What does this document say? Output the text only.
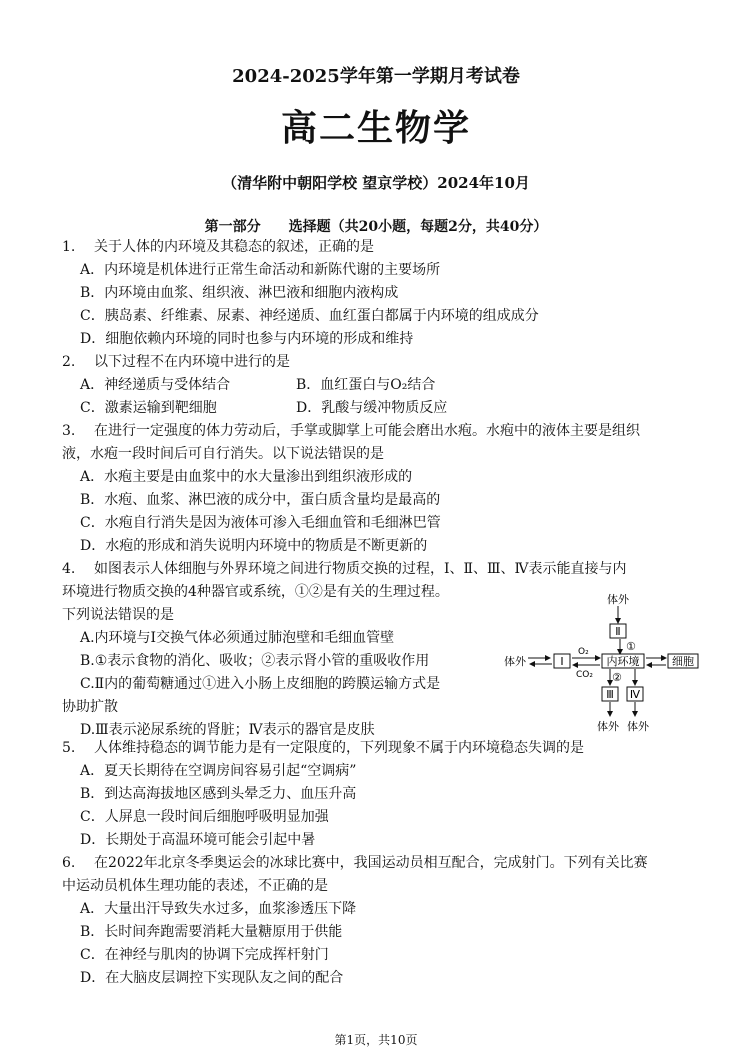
2024-2025学年第一学期月考试卷
高二生物学
（清华附中朝阳学校 望京学校）2024年10月
第一部分　　选择题（共20小题，每题2分，共40分）
1. 关于人体的内环境及其稳态的叙述，正确的是
A．内环境是机体进行正常生命活动和新陈代谢的主要场所
B．内环境由血浆、组织液、淋巴液和细胞内液构成
C．胰岛素、纤维素、尿素、神经递质、血红蛋白都属于内环境的组成成分
D．细胞依赖内环境的同时也参与内环境的形成和维持
2. 以下过程不在内环境中进行的是
A．神经递质与受体结合	B．血红蛋白与O₂结合
C．激素运输到靶细胞	D．乳酸与缓冲物质反应
3. 在进行一定强度的体力劳动后，手掌或脚掌上可能会磨出水疱。水疱中的液体主要是组织
液，水疱一段时间后可自行消失。以下说法错误的是
A．水疱主要是由血浆中的水大量渗出到组织液形成的
B．水疱、血浆、淋巴液的成分中，蛋白质含量均是最高的
C．水疱自行消失是因为液体可渗入毛细血管和毛细淋巴管
D．水疱的形成和消失说明内环境中的物质是不断更新的
4. 如图表示人体细胞与外界环境之间进行物质交换的过程，Ⅰ、Ⅱ、Ⅲ、Ⅳ表示能直接与内
环境进行物质交换的4种器官或系统，①②是有关的生理过程。
下列说法错误的是
A.内环境与Ⅰ交换气体必须通过肺泡壁和毛细血管壁
B.①表示食物的消化、吸收；②表示肾小管的重吸收作用
C.Ⅱ内的葡萄糖通过①进入小肠上皮细胞的跨膜运输方式是
协助扩散
D.Ⅲ表示泌尿系统的肾脏；Ⅳ表示的器官是皮肤
体外
Ⅱ
①
体外	Ⅰ
O₂
CO₂
内环境	细胞
②
Ⅲ Ⅳ
体外 体外
5. 人体维持稳态的调节能力是有一定限度的，下列现象不属于内环境稳态失调的是
A．夏天长期待在空调房间容易引起“空调病”
B．到达高海拔地区感到头晕乏力、血压升高
C．人屏息一段时间后细胞呼吸明显加强
D．长期处于高温环境可能会引起中暑
6. 在2022年北京冬季奥运会的冰球比赛中，我国运动员相互配合，完成射门。下列有关比赛
中运动员机体生理功能的表述，不正确的是
A．大量出汗导致失水过多，血浆渗透压下降
B．长时间奔跑需要消耗大量糖原用于供能
C．在神经与肌肉的协调下完成挥杆射门
D．在大脑皮层调控下实现队友之间的配合
第1页，共10页
